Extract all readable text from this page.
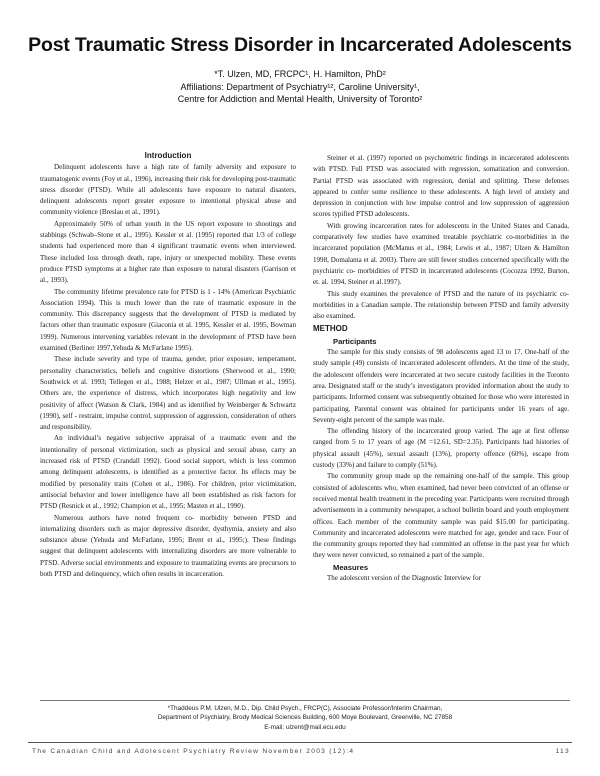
Post Traumatic Stress Disorder in Incarcerated Adolescents
*T. Ulzen, MD, FRCPC¹, H. Hamilton, PhD²
Affiliations: Department of Psychiatry¹², Caroline University¹,
Centre for Addiction and Mental Health, University of Toronto²
Introduction

Delinquent adolescents have a high rate of family adversity and exposure to traumatogenic events (Foy et al., 1996), increasing their risk for developing post-traumatic stress disorder (PTSD). While all adolescents have exposure to natural disasters, delinquent adolescents report greater exposure to intentional physical abuse and community violence (Breslau et al., 1991).

Approximately 50% of urban youth in the US report exposure to shootings and stabbings (Schwab–Stone et al., 1995). Kessler et al. (1995) reported that 1/3 of college students had experienced more than 4 significant traumatic events when interviewed. These included loss through death, rape, injury or unexpected mobility. These events produce PTSD symptoms at a higher rate than exposure to natural disasters (Garrison et al., 1993).

The community lifetime prevalence rate for PTSD is 1 - 14% (American Psychiatric Association 1994). This is much lower than the rate of traumatic exposure in the community. This discrepancy suggests that the development of PTSD is mediated by factors other than traumatic exposure (Giaconia et al. 1995, Kessler et al. 1995, Bowman 1999). Numerous intervening variables relevant in the development of PTSD have been examined (Berliner 1997,Yehuda & McFarlane 1995).

These include severity and type of trauma, gender, prior exposure, temperament, personality characteristics, beliefs and cognitive distortions (Sherwood et al., 1990; Southwick et al. 1993; Tellegen et al., 1988; Helzer et al., 1987; Ullman et al., 1995). Others are, the experience of distress, which incorporates high negativity and low positivity of affect (Watson & Clark, 1984) and as identified by Weinberger & Schwartz (1990), self - restraint, impulse control, suppression of aggression, consideration of others and responsibility.

An individual’s negative subjective appraisal of a traumatic event and the intentionality of personal victimization, such as physical and sexual abuse, carry an increased risk of PTSD (Crandall 1992). Good social support, which is less common among delinquent adolescents, is identified as a protective factor. Its effects may be modified by personality traits (Cohen et al., 1986). For children, prior victimization, antisocial behavior and lower intelligence have all been established as risk factors for PTSD (Resnick et al., 1992; Champion et al., 1995; Masten et al., 1990).

Numerous authors have noted frequent co- morbidity between PTSD and internalizing disorders such as major depressive disorder, dysthymia, anxiety and also substance abuse (Yehuda and McFarlane, 1995; Brent et al., 1995;). These findings suggest that delinquent adolescents with internalizing disorders are more vulnerable to PTSD. Adverse social environments and exposure to traumatizing events are precursors to both PTSD and delinquency, which often results in incarceration.

Steiner et al. (1997) reported on psychometric findings in incarcerated adolescents with PTSD. Full PTSD was associated with regression, somatization and conversion. Partial PTSD was associated with regression, denial and splitting. These defenses appeared to confer some resilience to these adolescents. A high level of anxiety and depression in conjunction with low impulse control and low suppression of aggression scores typified PTSD adolescents.

With growing incarceration rates for adolescents in the United States and Canada, comparatively few studies have examined treatable psychiatric co-morbidities in the incarcerated population (McManus et al., 1984; Lewis et al., 1987; Ulzen & Hamilton 1998, Domalanta et al. 2003). There are still fewer studies concerned specifically with the psychiatric co- morbidities of PTSD in incarcerated adolescents (Cocozza 1992, Burton, et. al. 1994, Steiner et al.1997).

This study examines the prevalence of PTSD and the nature of its psychiatric co-morbidities in a Canadian sample. The relationship between PTSD and family adversity also examined.

METHOD
Participants

The sample for this study consists of 98 adolescents aged 13 to 17. One-half of the study sample (49) consists of incarcerated adolescent offenders. At the time of the study, the adolescent offenders were incarcerated at two secure custody facilities in the Toronto area. Designated staff or the study’s investigators provided information about the study to participants. Informed consent was subsequently obtained for those who were interested in participating. Parental consent was obtained for participants under 16 years of age. Seventy-eight percent of the sample was male.

The offending history of the incarcerated group varied. The age at first offense ranged from 5 to 17 years of age (M =12.61, SD=2.35). Participants had histories of physical assault (45%), sexual assault (13%), property offence (60%), escape from custody (33%) and failure to comply (51%).

The community group made up the remaining one-half of the sample. This group consisted of adolescents who, when examined, had never been convicted of an offense or received mental health treatment in the preceding year. Participants were recruited through advertisements in a community newspaper, a school bulletin board and youth employment offices. Each member of the community sample was paid $15.00 for participating. Community and incarcerated adolescents were matched for age, gender and race. Four of the community groups reported they had committed an offense in the past year for which they were never convicted, so remained a part of the sample.

Measures

The adolescent version of the Diagnostic Interview for

*Thaddeus P.M. Ulzen, M.D., Dip. Child Psych., FRCP(C), Associate Professor/Interim Chairman,
Department of Psychiatry, Brody Medical Sciences Building, 600 Moye Boulevard, Greenville, NC 27858
E-mail: ulzent@mail.ecu.edu
The Canadian Child and Adolescent Psychiatry Review November 2003 (12):4	113
